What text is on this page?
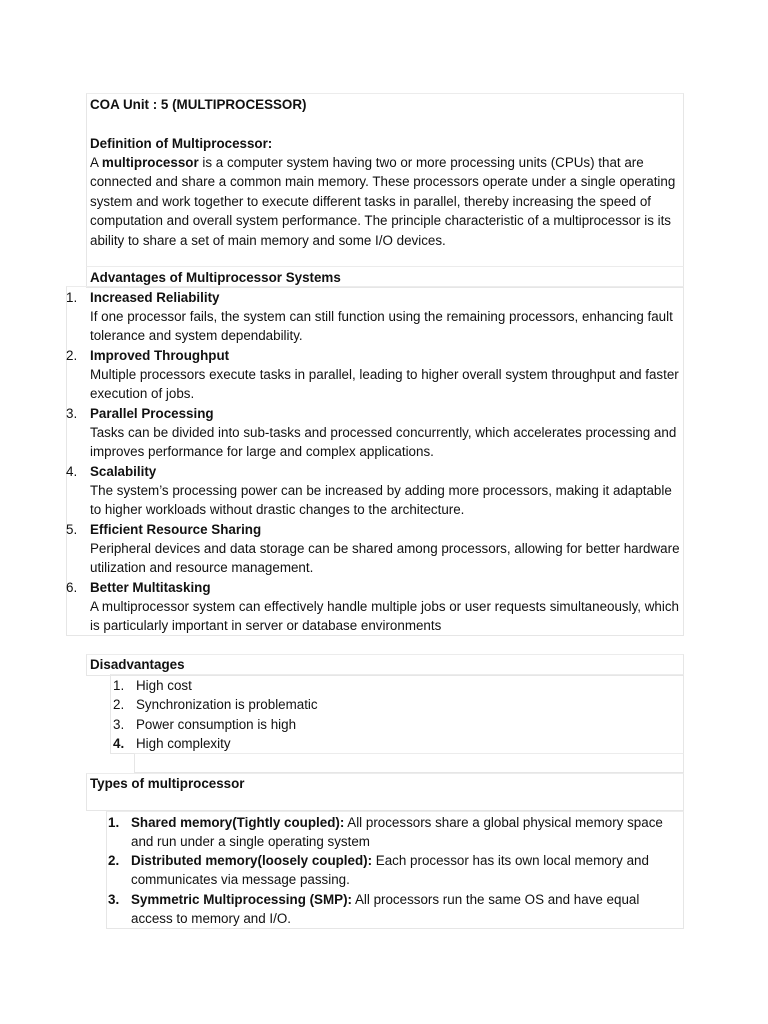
COA Unit : 5 (MULTIPROCESSOR)
Definition of Multiprocessor:
A multiprocessor is a computer system having two or more processing units (CPUs) that are connected and share a common main memory. These processors operate under a single operating system and work together to execute different tasks in parallel, thereby increasing the speed of computation and overall system performance. The principle characteristic of a multiprocessor is its ability to share a set of main memory and some I/O devices.
Advantages of Multiprocessor Systems
1. Increased Reliability
If one processor fails, the system can still function using the remaining processors, enhancing fault tolerance and system dependability.
2. Improved Throughput
Multiple processors execute tasks in parallel, leading to higher overall system throughput and faster execution of jobs.
3. Parallel Processing
Tasks can be divided into sub-tasks and processed concurrently, which accelerates processing and improves performance for large and complex applications.
4. Scalability
The system’s processing power can be increased by adding more processors, making it adaptable to higher workloads without drastic changes to the architecture.
5. Efficient Resource Sharing
Peripheral devices and data storage can be shared among processors, allowing for better hardware utilization and resource management.
6. Better Multitasking
A multiprocessor system can effectively handle multiple jobs or user requests simultaneously, which is particularly important in server or database environments
Disadvantages
1. High cost
2. Synchronization is problematic
3. Power consumption is high
4. High complexity
Types of multiprocessor
1. Shared memory(Tightly coupled): All processors share a global physical memory space and run under a single operating system
2. Distributed memory(loosely coupled): Each processor has its own local memory and communicates via message passing.
3. Symmetric Multiprocessing (SMP): All processors run the same OS and have equal access to memory and I/O.
